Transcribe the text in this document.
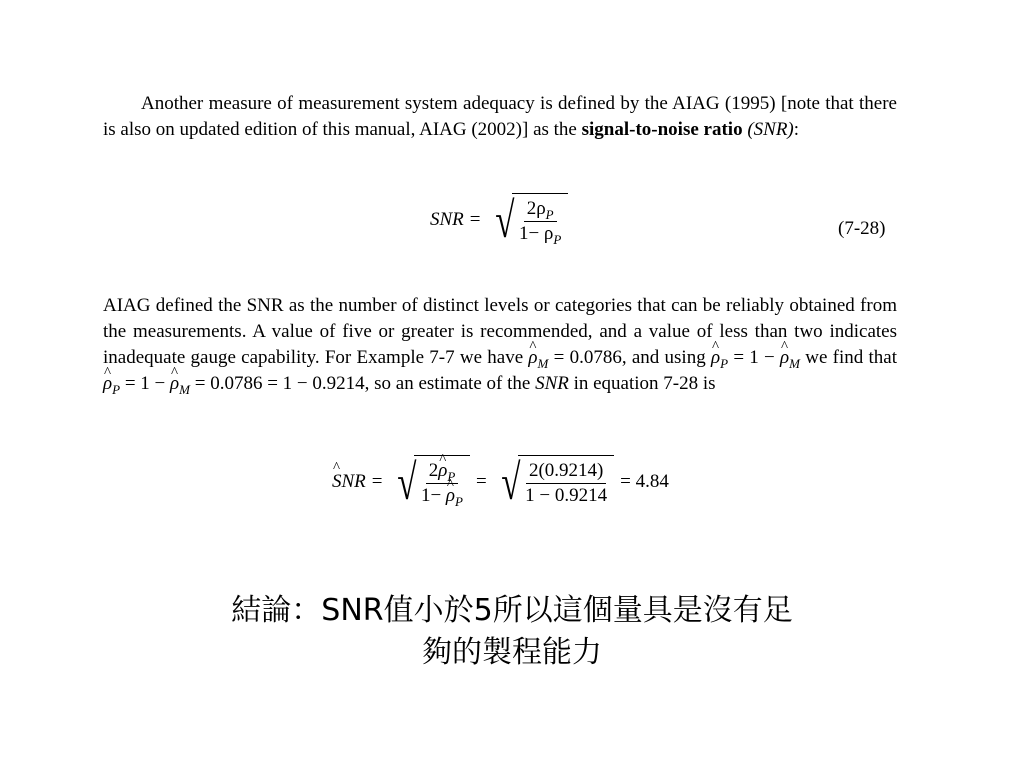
Another measure of measurement system adequacy is defined by the AIAG (1995) [note that there is also on updated edition of this manual, AIAG (2002)] as the signal-to-noise ratio (SNR):

SNR = √ $\frac{2\rho_P}{1- \rho_P}$	(7-28)

AIAG defined the SNR as the number of distinct levels or categories that can be reliably obtained from the measurements. A value of five or greater is recommended, and a value of less than two indicates inadequate gauge capability. For Example 7-7 we have ^ $\rho_M = 0.0786$, and using ^ $\rho_P = 1$ − ^ $\rho_M$ we find that ^ $\rho_P = 1$ − ^ $\rho_M = 0.0786 = 1 - 0.9214$, so an estimate of the SNR in equation 7-28 is

^ SNR = √ $\frac{2\^{} \rho_P}{1- \^{} \rho_P}$ = √ $\frac{2(0.9214)}{1 - 0.9214} = 4.84$
結論：SNR值小於5所以這個量具是沒有足
夠的製程能力
